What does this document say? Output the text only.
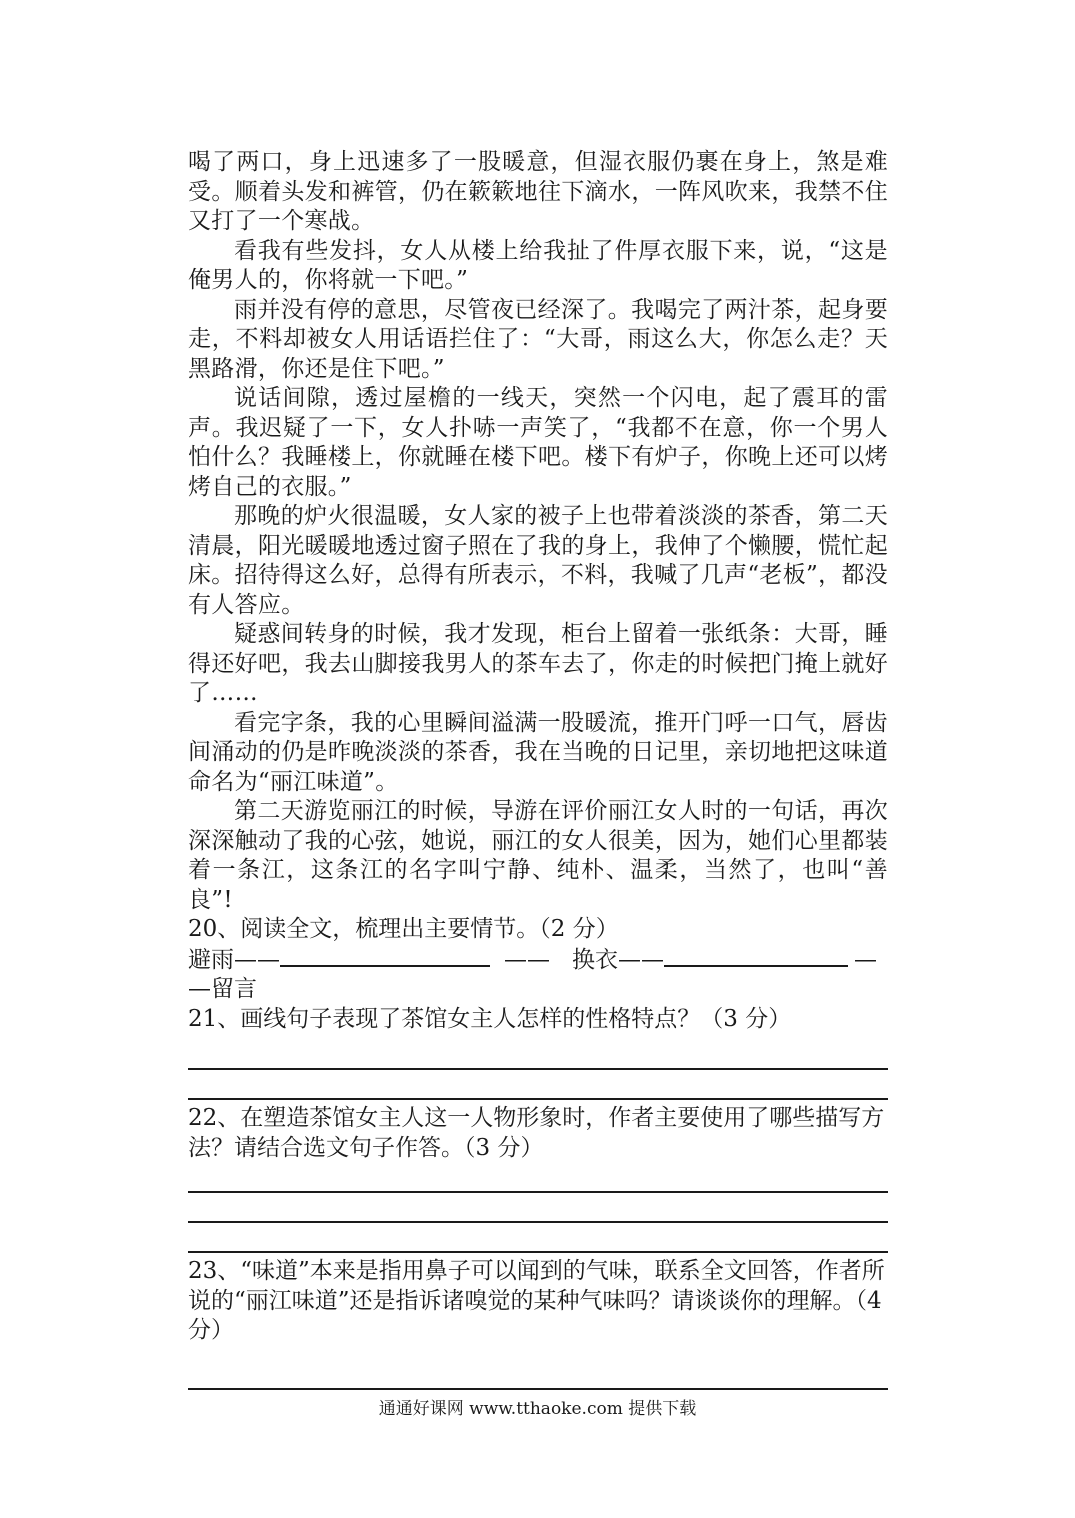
喝了两口，身上迅速多了一股暖意，但湿衣服仍裹在身上，煞是难受。顺着头发和裤管，仍在簌簌地往下滴水，一阵风吹来，我禁不住又打了一个寒战。

看我有些发抖，女人从楼上给我扯了件厚衣服下来，说，“这是俺男人的，你将就一下吧。”

雨并没有停的意思，尽管夜已经深了。我喝完了两汁茶，起身要走，不料却被女人用话语拦住了：“大哥，雨这么大，你怎么走？天黑路滑，你还是住下吧。”

说话间隙，透过屋檐的一线天，突然一个闪电，起了震耳的雷声。我迟疑了一下，女人扑哧一声笑了，“我都不在意，你一个男人怕什么？我睡楼上，你就睡在楼下吧。楼下有炉子，你晚上还可以烤烤自己的衣服。”

那晚的炉火很温暖，女人家的被子上也带着淡淡的茶香，第二天清晨，阳光暖暖地透过窗子照在了我的身上，我伸了个懒腰，慌忙起床。招待得这么好，总得有所表示，不料，我喊了几声“老板”，都没有人答应。

疑惑间转身的时候，我才发现，柜台上留着一张纸条：大哥，睡得还好吧，我去山脚接我男人的茶车去了，你走的时候把门掩上就好了……

看完字条，我的心里瞬间溢满一股暖流，推开门呼一口气，唇齿间涌动的仍是昨晚淡淡的茶香，我在当晚的日记里，亲切地把这味道命名为“丽江味道”。

第二天游览丽江的时候，导游在评价丽江女人时的一句话，再次深深触动了我的心弦，她说，丽江的女人很美，因为，她们心里都装着一条江，这条江的名字叫宁静、纯朴、温柔，当然了，也叫“善良”!

20、阅读全文，梳理出主要情节。（2 分）

避雨——	—— 换衣——	—

—留言

21、画线句子表现了茶馆女主人怎样的性格特点？（3 分）

22、在塑造茶馆女主人这一人物形象时，作者主要使用了哪些描写方法？请结合选文句子作答。（3 分）

23、“味道”本来是指用鼻子可以闻到的气味，联系全文回答，作者所说的“丽江味道”还是指诉诸嗅觉的某种气味吗？请谈谈你的理解。（4 分）

通通好课网 www.tthaoke.com 提供下载
